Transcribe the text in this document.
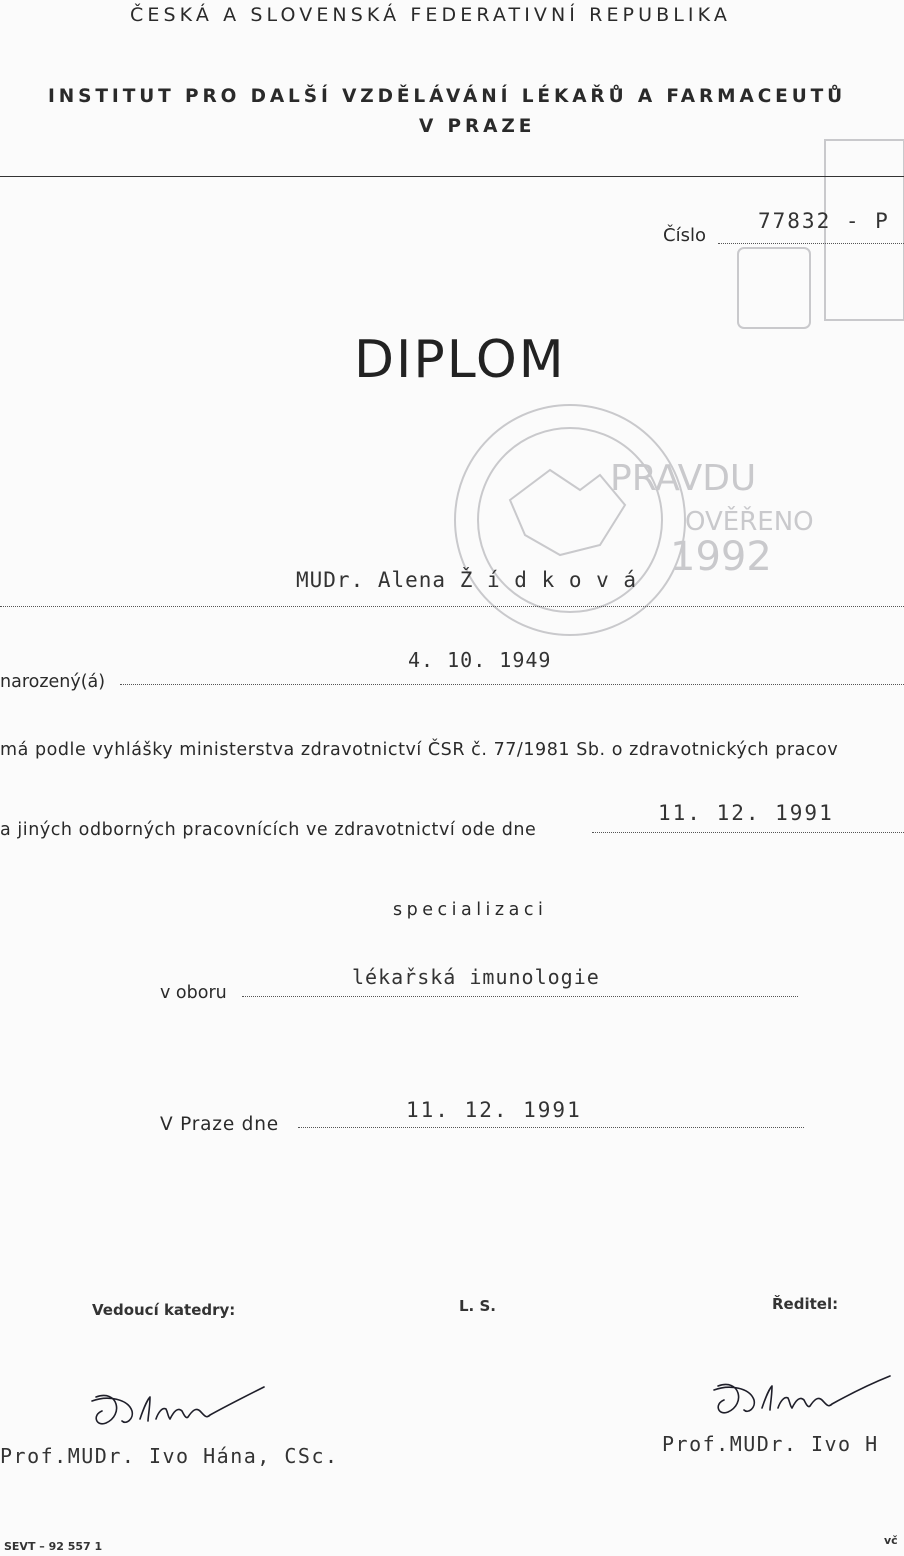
PRAVDU
OVĚŘENO
1992
ČESKÁ A SLOVENSKÁ FEDERATIVNÍ REPUBLIKA
INSTITUT PRO DALŠÍ VZDĚLÁVÁNÍ LÉKAŘŮ A FARMACEUTŮ
V PRAZE
Číslo
77832 - P
DIPLOM
MUDr. Alena Ž í d k o v á
narozený(á)
4. 10. 1949
má podle vyhlášky ministerstva zdravotnictví ČSR č. 77/1981 Sb. o zdravotnických pracov
a jiných odborných pracovnících ve zdravotnictví ode dne
11. 12. 1991
specializaci
v oboru
lékařská imunologie
V Praze dne
11. 12. 1991
Vedoucí katedry:	L. S.	Ředitel:
Prof.MUDr. Ivo Hána, CSc.	Prof.MUDr. Ivo H
SEVT – 92 557 1	vč
